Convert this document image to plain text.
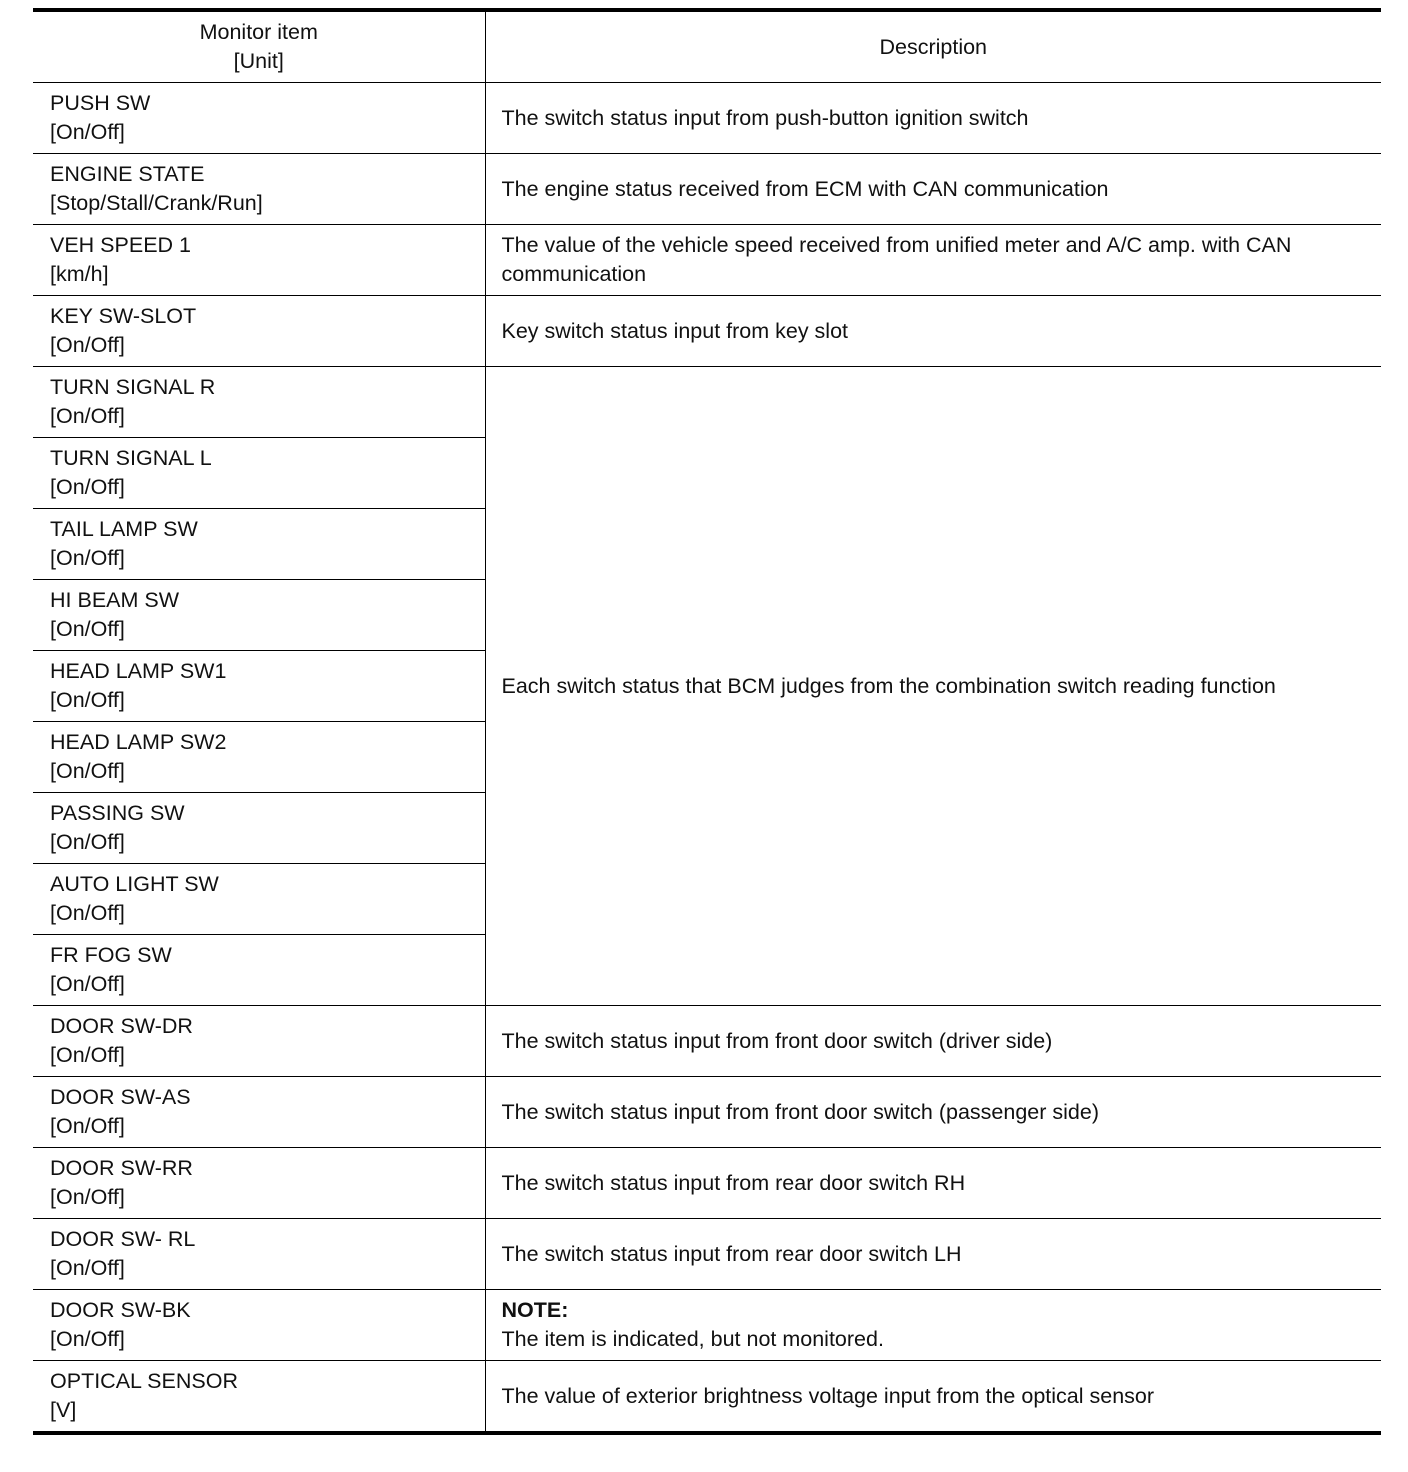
Monitor item
[Unit]	Description

PUSH SW
[On/Off]	The switch status input from push-button ignition switch

ENGINE STATE
[Stop/Stall/Crank/Run]	The engine status received from ECM with CAN communication

VEH SPEED 1
[km/h]	The value of the vehicle speed received from unified meter and A/C amp. with CAN communication

KEY SW-SLOT
[On/Off]	Key switch status input from key slot

TURN SIGNAL R
[On/Off]	Each switch status that BCM judges from the combination switch reading function

TURN SIGNAL L
[On/Off]	

TAIL LAMP SW
[On/Off]	

HI BEAM SW
[On/Off]	

HEAD LAMP SW1
[On/Off]	

HEAD LAMP SW2
[On/Off]	

PASSING SW
[On/Off]	

AUTO LIGHT SW
[On/Off]	

FR FOG SW
[On/Off]	

DOOR SW-DR
[On/Off]	The switch status input from front door switch (driver side)

DOOR SW-AS
[On/Off]	The switch status input from front door switch (passenger side)

DOOR SW-RR
[On/Off]	The switch status input from rear door switch RH

DOOR SW- RL
[On/Off]	The switch status input from rear door switch LH

DOOR SW-BK
[On/Off]	NOTE:
The item is indicated, but not monitored.

OPTICAL SENSOR
[V]	The value of exterior brightness voltage input from the optical sensor
